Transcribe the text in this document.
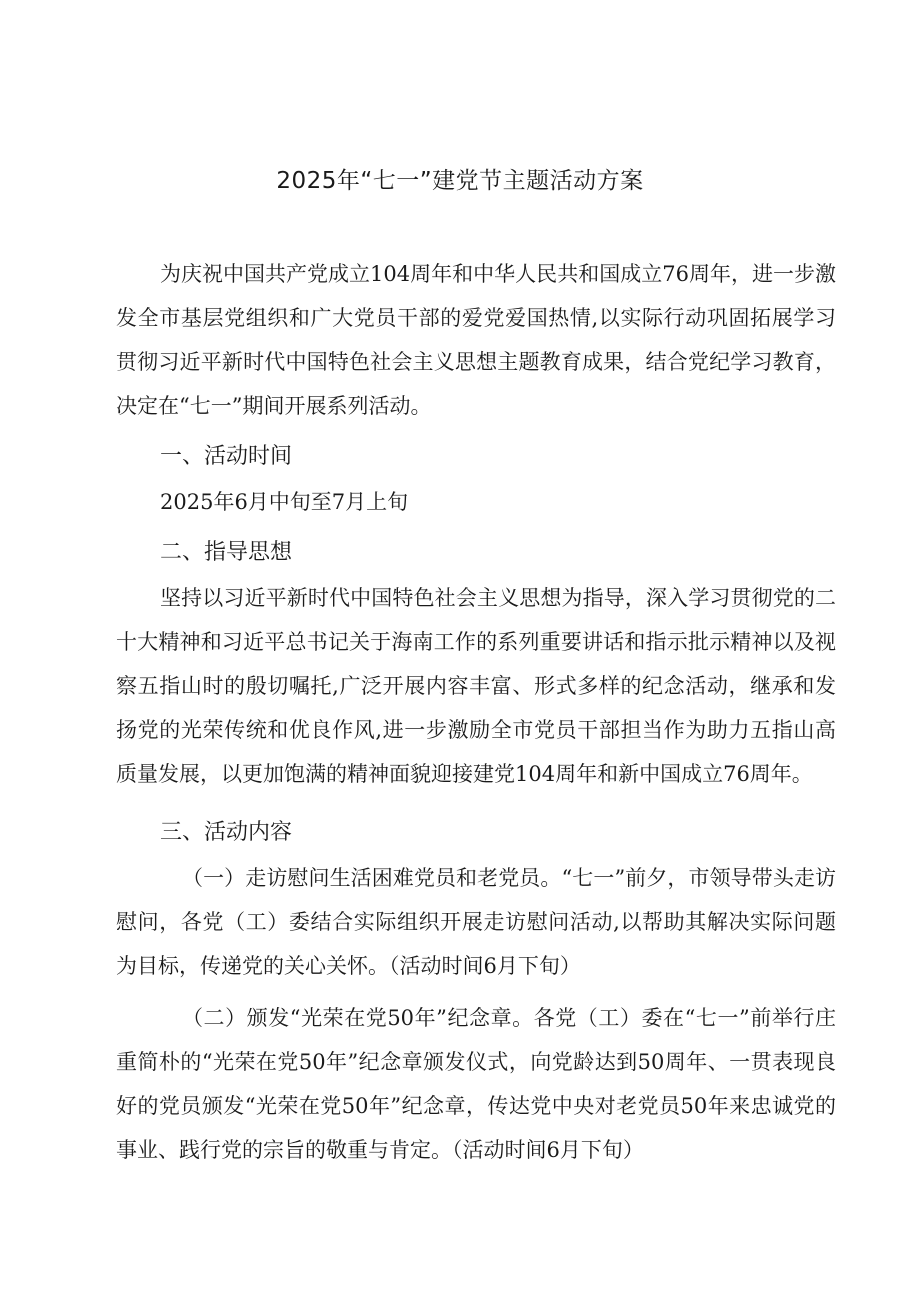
2025年“七一”建党节主题活动方案

为庆祝中国共产党成立104周年和中华人民共和国成立76周年，进一步激发全市基层党组织和广大党员干部的爱党爱国热情,以实际行动巩固拓展学习贯彻习近平新时代中国特色社会主义思想主题教育成果，结合党纪学习教育，决定在“七一”期间开展系列活动。

一、活动时间

2025年6月中旬至7月上旬

二、指导思想

坚持以习近平新时代中国特色社会主义思想为指导，深入学习贯彻党的二十大精神和习近平总书记关于海南工作的系列重要讲话和指示批示精神以及视察五指山时的殷切嘱托,广泛开展内容丰富、形式多样的纪念活动，继承和发扬党的光荣传统和优良作风,进一步激励全市党员干部担当作为助力五指山高质量发展，以更加饱满的精神面貌迎接建党104周年和新中国成立76周年。

三、活动内容

（一）走访慰问生活困难党员和老党员。“七一”前夕，市领导带头走访慰问，各党（工）委结合实际组织开展走访慰问活动,以帮助其解决实际问题为目标，传递党的关心关怀。（活动时间6月下旬）

（二）颁发“光荣在党50年”纪念章。各党（工）委在“七一”前举行庄重简朴的“光荣在党50年”纪念章颁发仪式，向党龄达到50周年、一贯表现良好的党员颁发“光荣在党50年”纪念章，传达党中央对老党员50年来忠诚党的事业、践行党的宗旨的敬重与肯定。（活动时间6月下旬）
